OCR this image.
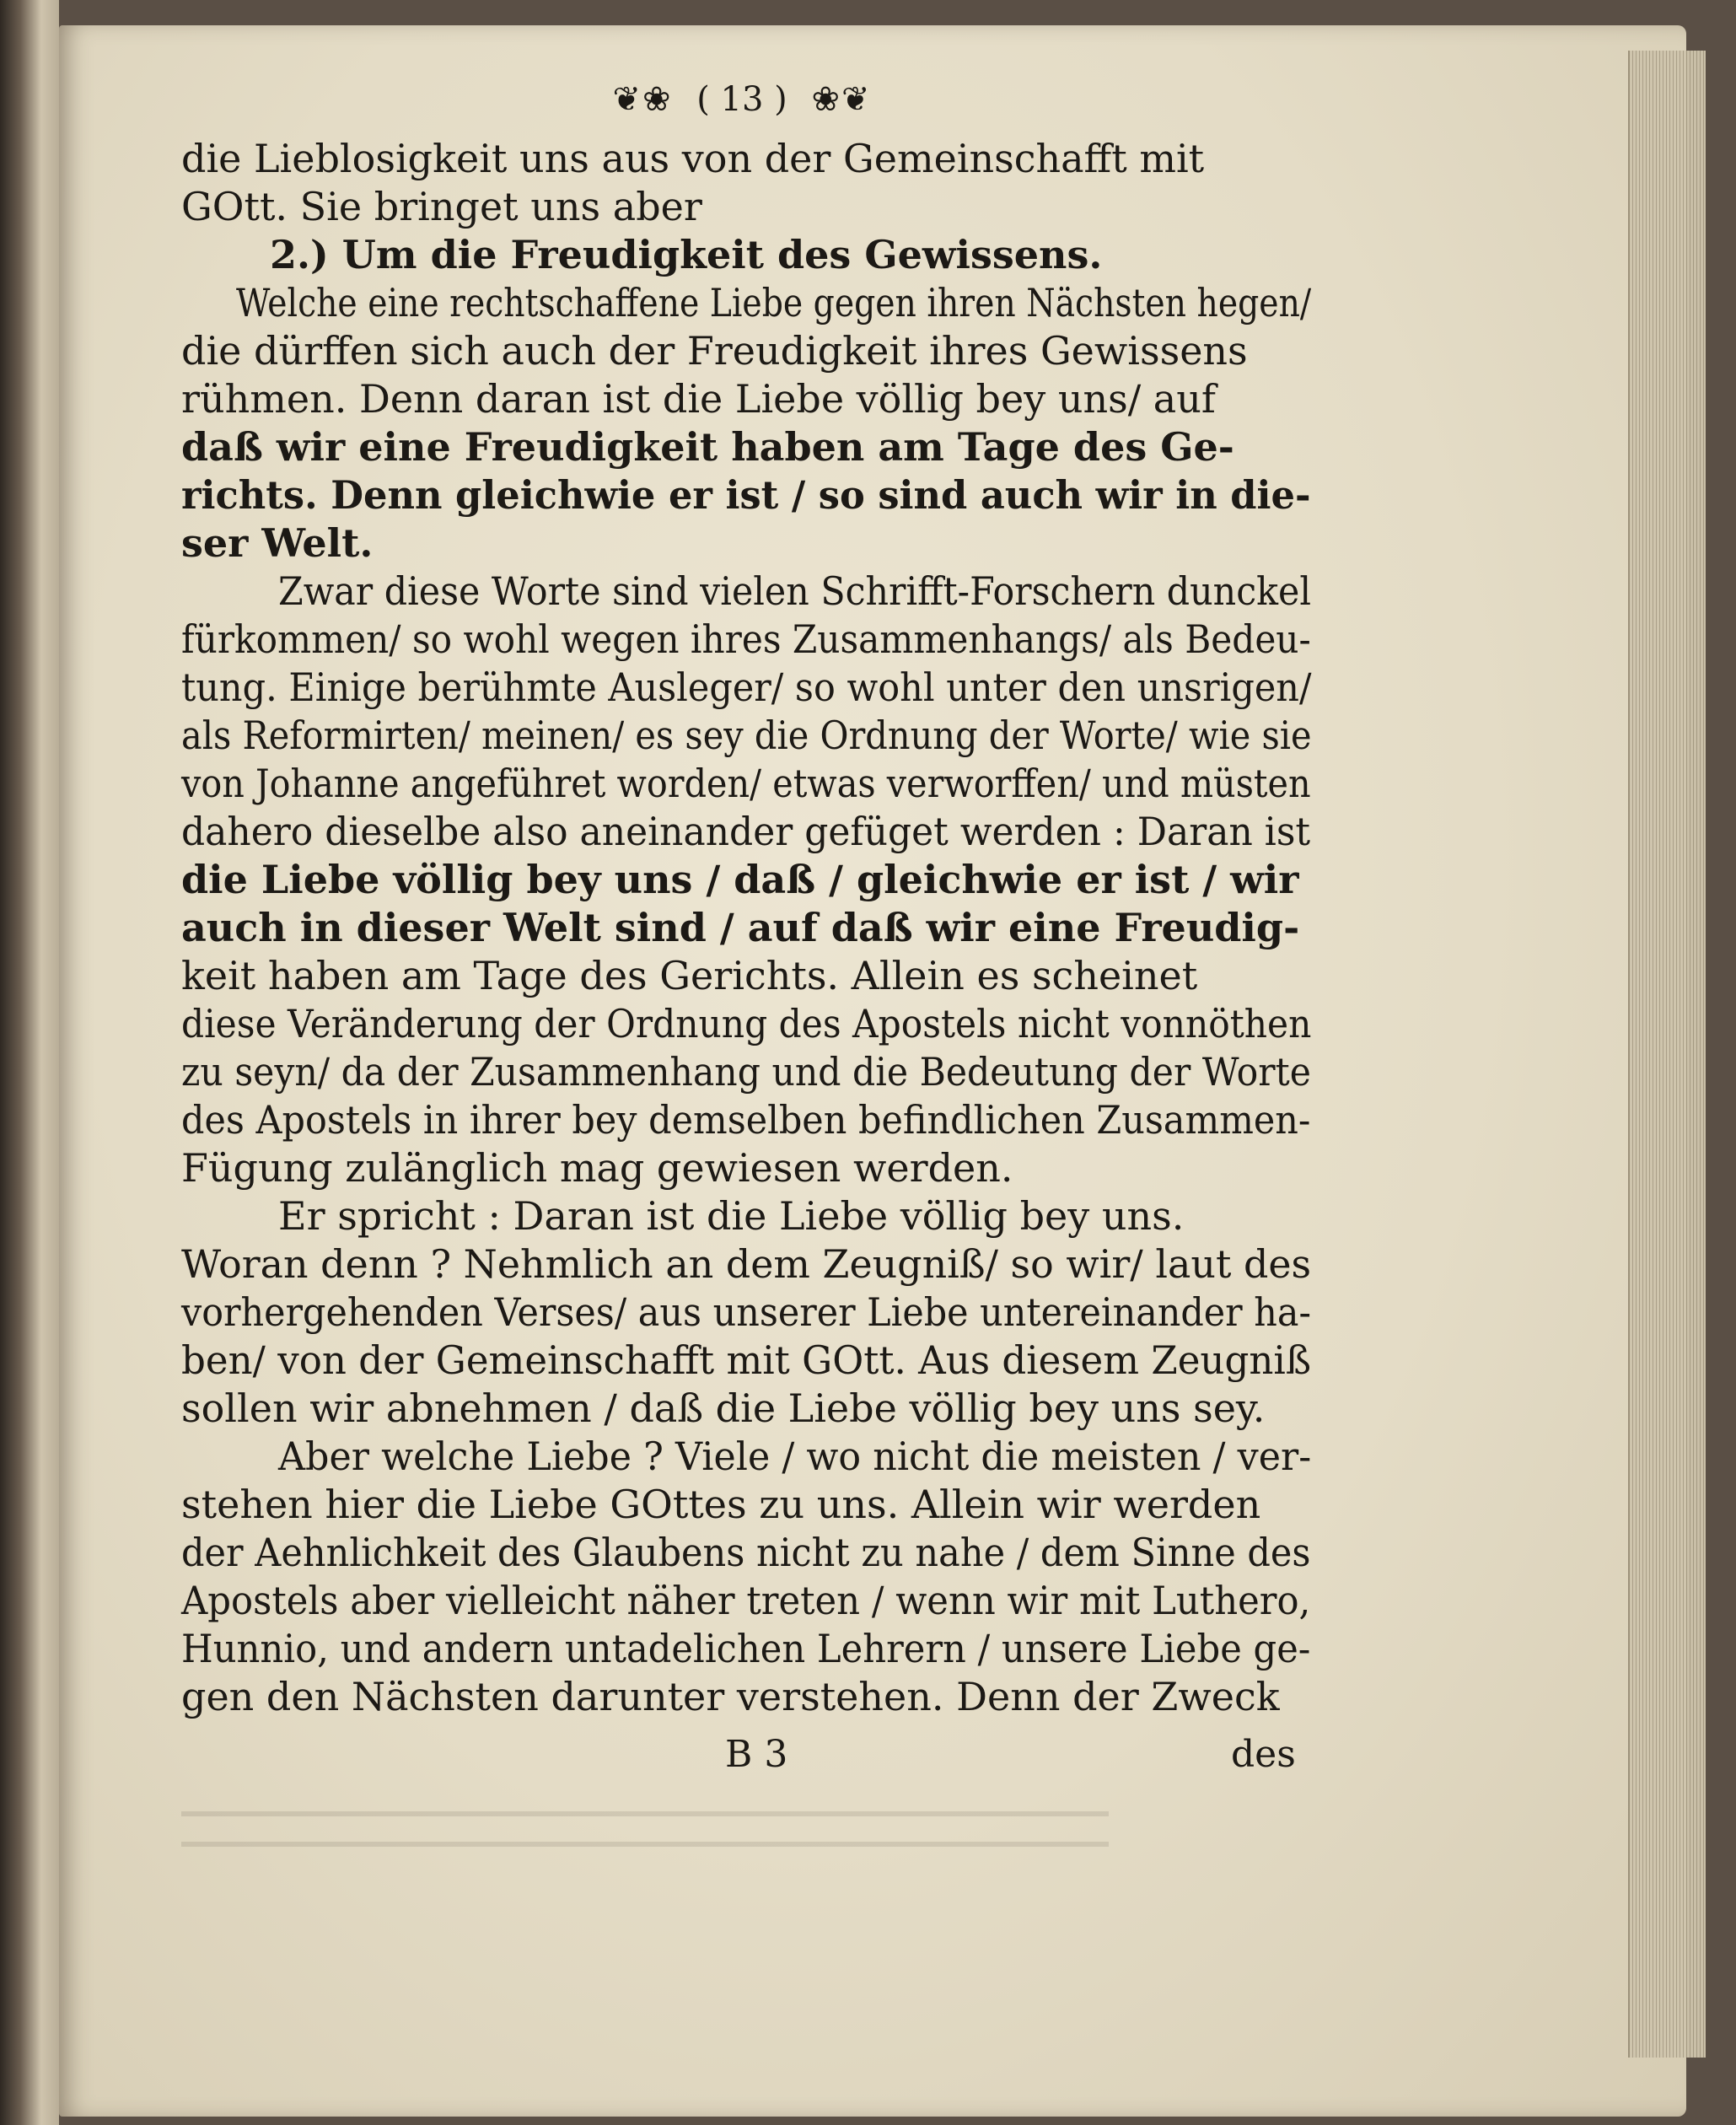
❦❀ ( 13 ) ❀❦
die Lieblosigkeit uns aus von der Gemeinschafft mit
GOtt. Sie bringet uns aber
2.) Um die Freudigkeit des Gewissens.
Welche eine rechtschaffene Liebe gegen ihren Nächsten hegen/
die dürffen sich auch der Freudigkeit ihres Gewissens
rühmen. Denn daran ist die Liebe völlig bey uns/ auf
daß wir eine Freudigkeit haben am Tage des Ge-
richts. Denn gleichwie er ist / so sind auch wir in die-
ser Welt.
Zwar diese Worte sind vielen Schrifft-Forschern dunckel
fürkommen/ so wohl wegen ihres Zusammenhangs/ als Bedeu-
tung. Einige berühmte Ausleger/ so wohl unter den unsrigen/
als Reformirten/ meinen/ es sey die Ordnung der Worte/ wie sie
von Johanne angeführet worden/ etwas verworffen/ und müsten
dahero dieselbe also aneinander gefüget werden : Daran ist
die Liebe völlig bey uns / daß / gleichwie er ist / wir
auch in dieser Welt sind / auf daß wir eine Freudig-
keit haben am Tage des Gerichts. Allein es scheinet
diese Veränderung der Ordnung des Apostels nicht vonnöthen
zu seyn/ da der Zusammenhang und die Bedeutung der Worte
des Apostels in ihrer bey demselben befindlichen Zusammen-
Fügung zulänglich mag gewiesen werden.
Er spricht : Daran ist die Liebe völlig bey uns.
Woran denn ? Nehmlich an dem Zeugniß/ so wir/ laut des
vorhergehenden Verses/ aus unserer Liebe untereinander ha-
ben/ von der Gemeinschafft mit GOtt. Aus diesem Zeugniß
sollen wir abnehmen / daß die Liebe völlig bey uns sey.
Aber welche Liebe ? Viele / wo nicht die meisten / ver-
stehen hier die Liebe GOttes zu uns. Allein wir werden
der Aehnlichkeit des Glaubens nicht zu nahe / dem Sinne des
Apostels aber vielleicht näher treten / wenn wir mit Luthero,
Hunnio, und andern untadelichen Lehrern / unsere Liebe ge-
gen den Nächsten darunter verstehen. Denn der Zweck
B 3	des
